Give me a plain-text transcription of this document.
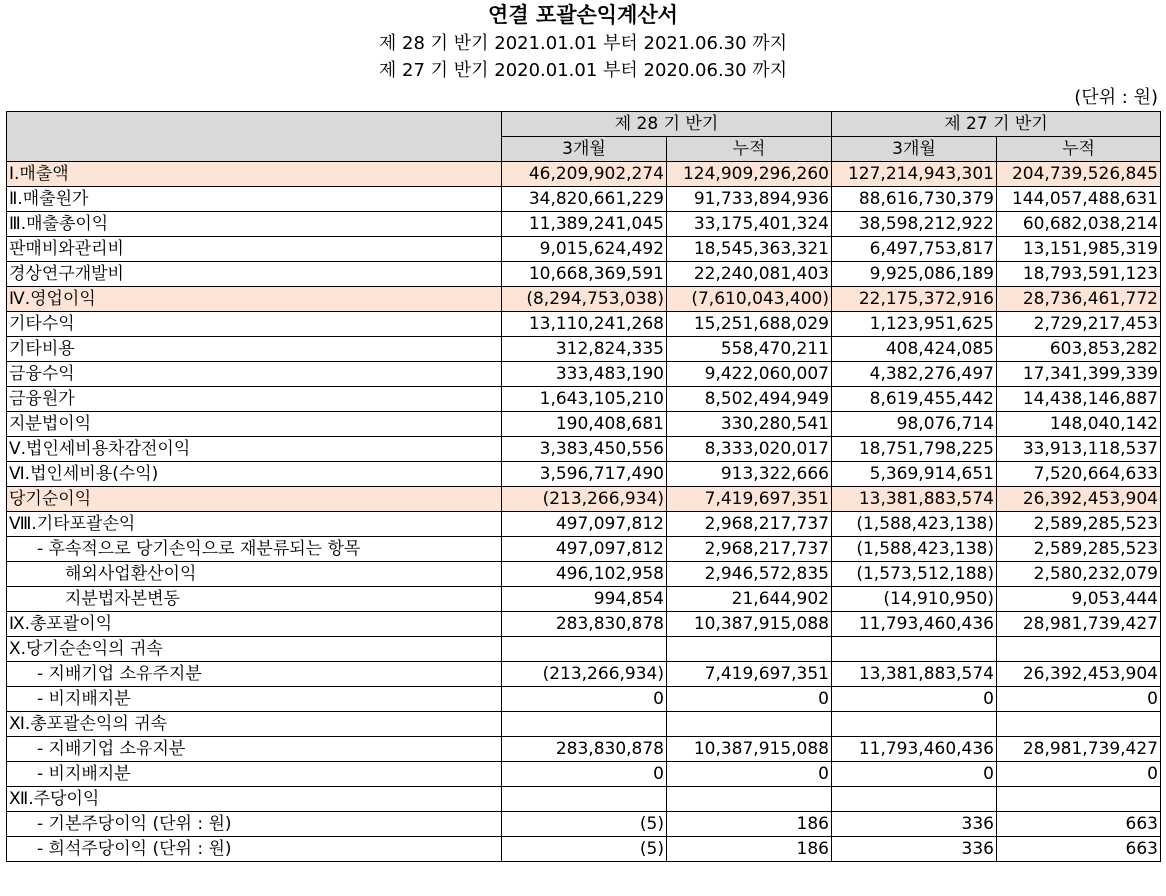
연결 포괄손익계산서
제 28 기 반기 2021.01.01 부터 2021.06.30 까지
제 27 기 반기 2020.01.01 부터 2020.06.30 까지
(단위 : 원)
	제 28 기 반기		제 27 기 반기	
	3개월	누적	3개월	누적
Ⅰ.매출액	46,209,902,274	124,909,296,260	127,214,943,301	204,739,526,845
Ⅱ.매출원가	34,820,661,229	91,733,894,936	88,616,730,379	144,057,488,631
Ⅲ.매출총이익	11,389,241,045	33,175,401,324	38,598,212,922	60,682,038,214
판매비와관리비	9,015,624,492	18,545,363,321	6,497,753,817	13,151,985,319
경상연구개발비	10,668,369,591	22,240,081,403	9,925,086,189	18,793,591,123
Ⅳ.영업이익	(8,294,753,038)	(7,610,043,400)	22,175,372,916	28,736,461,772
기타수익	13,110,241,268	15,251,688,029	1,123,951,625	2,729,217,453
기타비용	312,824,335	558,470,211	408,424,085	603,853,282
금융수익	333,483,190	9,422,060,007	4,382,276,497	17,341,399,339
금융원가	1,643,105,210	8,502,494,949	8,619,455,442	14,438,146,887
지분법이익	190,408,681	330,280,541	98,076,714	148,040,142
Ⅴ.법인세비용차감전이익	3,383,450,556	8,333,020,017	18,751,798,225	33,913,118,537
Ⅵ.법인세비용(수익)	3,596,717,490	913,322,666	5,369,914,651	7,520,664,633
당기순이익	(213,266,934)	7,419,697,351	13,381,883,574	26,392,453,904
Ⅷ.기타포괄손익	497,097,812	2,968,217,737	(1,588,423,138)	2,589,285,523
- 후속적으로 당기손익으로 재분류되는 항목	497,097,812	2,968,217,737	(1,588,423,138)	2,589,285,523
해외사업환산이익	496,102,958	2,946,572,835	(1,573,512,188)	2,580,232,079
지분법자본변동	994,854	21,644,902	(14,910,950)	9,053,444
Ⅸ.총포괄이익	283,830,878	10,387,915,088	11,793,460,436	28,981,739,427
Ⅹ.당기순손익의 귀속				
- 지배기업 소유주지분	(213,266,934)	7,419,697,351	13,381,883,574	26,392,453,904
- 비지배지분	0	0	0	0
Ⅺ.총포괄손익의 귀속				
- 지배기업 소유지분	283,830,878	10,387,915,088	11,793,460,436	28,981,739,427
- 비지배지분	0	0	0	0
Ⅻ.주당이익				
- 기본주당이익 (단위 : 원)	(5)	186	336	663
- 희석주당이익 (단위 : 원)	(5)	186	336	663
